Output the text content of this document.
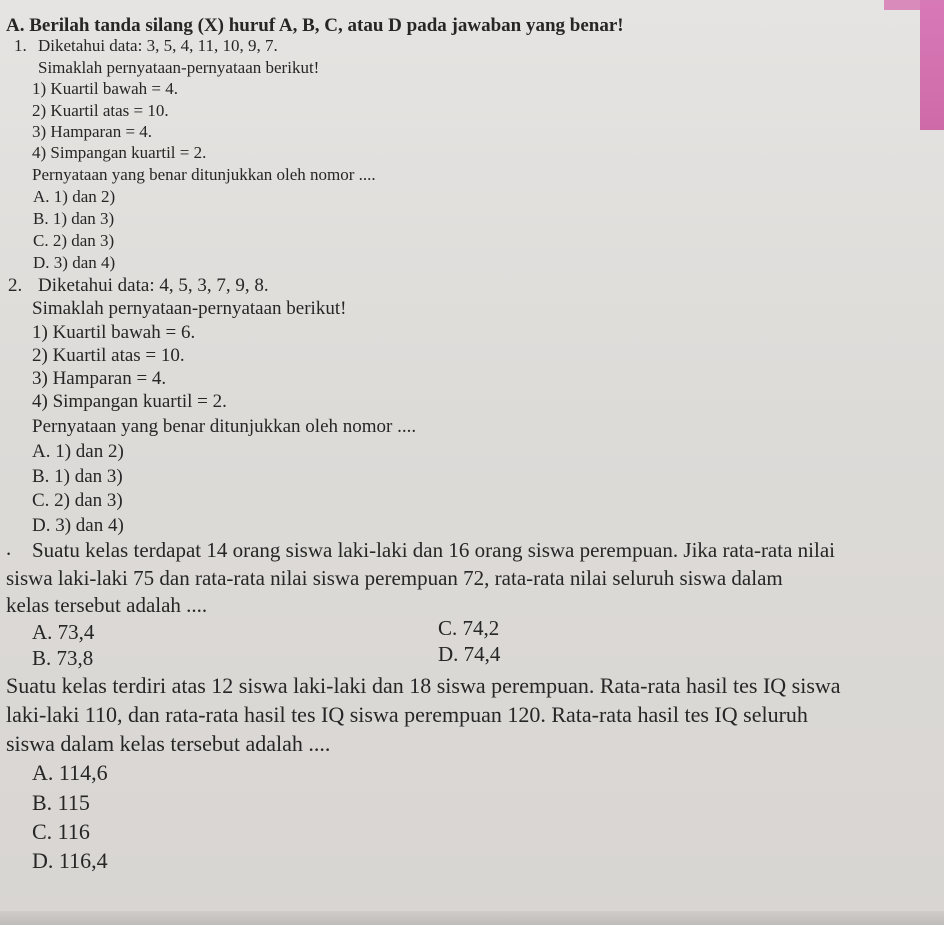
A. Berilah tanda silang (X) huruf A, B, C, atau D pada jawaban yang benar!
1. Diketahui data: 3, 5, 4, 11, 10, 9, 7.
Simaklah pernyataan-pernyataan berikut!
1) Kuartil bawah = 4.
2) Kuartil atas = 10.
3) Hamparan = 4.
4) Simpangan kuartil = 2.
Pernyataan yang benar ditunjukkan oleh nomor ....
A. 1) dan 2)
B. 1) dan 3)
C. 2) dan 3)
D. 3) dan 4)
2. Diketahui data: 4, 5, 3, 7, 9, 8.
Simaklah pernyataan-pernyataan berikut!
1) Kuartil bawah = 6.
2) Kuartil atas = 10.
3) Hamparan = 4.
4) Simpangan kuartil = 2.
Pernyataan yang benar ditunjukkan oleh nomor ....
A. 1) dan 2)
B. 1) dan 3)
C. 2) dan 3)
D. 3) dan 4)
. Suatu kelas terdapat 14 orang siswa laki-laki dan 16 orang siswa perempuan. Jika rata-rata nilai
siswa laki-laki 75 dan rata-rata nilai siswa perempuan 72, rata-rata nilai seluruh siswa dalam
kelas tersebut adalah ....
A. 73,4
B. 73,8
C. 74,2
D. 74,4
Suatu kelas terdiri atas 12 siswa laki-laki dan 18 siswa perempuan. Rata-rata hasil tes IQ siswa
laki-laki 110, dan rata-rata hasil tes IQ siswa perempuan 120. Rata-rata hasil tes IQ seluruh
siswa dalam kelas tersebut adalah ....
A. 114,6
B. 115
C. 116
D. 116,4
